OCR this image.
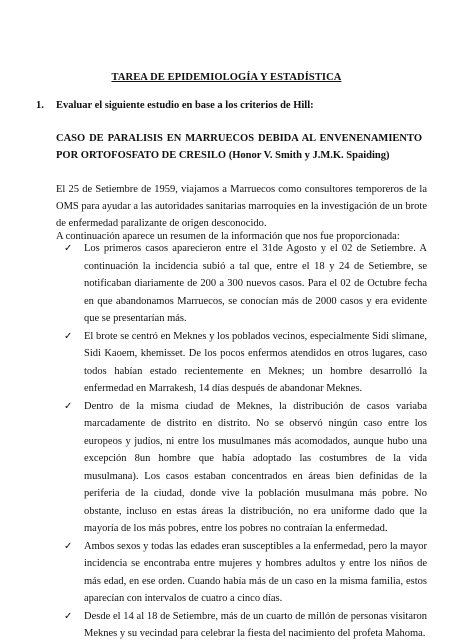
TAREA DE EPIDEMIOLOGÍA Y ESTADÍSTICA
1. Evaluar el siguiente estudio en base a los criterios de Hill:
CASO DE PARALISIS EN MARRUECOS DEBIDA AL ENVENENAMIENTO POR ORTOFOSFATO DE CRESILO (Honor V. Smith y J.M.K. Spaiding)
El 25 de Setiembre de 1959, viajamos a Marruecos como consultores temporeros de la OMS para ayudar a las autoridades sanitarias marroquíes en la investigación de un brote de enfermedad paralizante de origen desconocido.
A continuación aparece un resumen de la información que nos fue proporcionada:
✓ Los primeros casos aparecieron entre el 31de Agosto y el 02 de Setiembre. A continuación la incidencia subió a tal que, entre el 18 y 24 de Setiembre, se notificaban diariamente de 200 a 300 nuevos casos. Para el 02 de Octubre fecha en que abandonamos Marruecos, se conocían más de 2000 casos y era evidente que se presentarían más.
✓ El brote se centró en Meknes y los poblados vecinos, especialmente Sidi slimane, Sidi Kaoem, khemisset. De los pocos enfermos atendidos en otros lugares, caso todos habían estado recientemente en Meknes; un hombre desarrolló la enfermedad en Marrakesh, 14 días después de abandonar Meknes.
✓ Dentro de la misma ciudad de Meknes, la distribución de casos variaba marcadamente de distrito en distrito. No se observó ningún caso entre los europeos y judíos, ni entre los musulmanes más acomodados, aunque hubo una excepción 8un hombre que había adoptado las costumbres de la vida musulmana). Los casos estaban concentrados en áreas bien definidas de la periferia de la ciudad, donde vive la población musulmana más pobre. No obstante, incluso en estas áreas la distribución, no era uniforme dado que la mayoría de los más pobres, entre los pobres no contraían la enfermedad.
✓ Ambos sexos y todas las edades eran susceptibles a la enfermedad, pero la mayor incidencia se encontraba entre mujeres y hombres adultos y entre los niños de más edad, en ese orden. Cuando había más de un caso en la misma familia, estos aparecían con intervalos de cuatro a cinco días.
✓ Desde el 14 al 18 de Setiembre, más de un cuarto de millón de personas visitaron Meknes y su vecindad para celebrar la fiesta del nacimiento del profeta Mahoma.
